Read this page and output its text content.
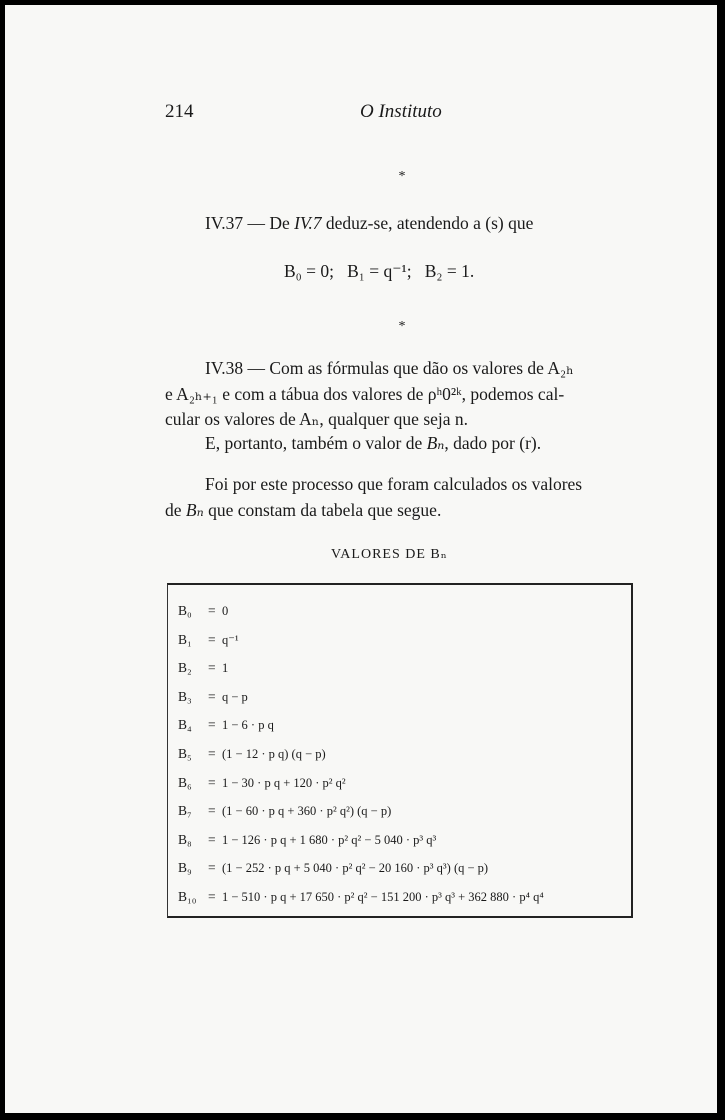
214	O Instituto
*
IV.37 — De IV.7 deduz-se, atendendo a (s) que
B₀ = 0;   B₁ = q⁻¹;   B₂ = 1.
*
IV.38 — Com as fórmulas que dão os valores de A₂ₕ
e A₂ₕ₊₁ e com a tábua dos valores de ρʰ0²ᵏ, podemos cal-
cular os valores de Aₙ, qualquer que seja n.
E, portanto, também o valor de Bₙ, dado por (r).
Foi por este processo que foram calculados os valores
de Bₙ que constam da tabela que segue.
VALORES DE Bₙ
B₀	= 0
B₁	= q⁻¹
B₂	= 1
B₃	= q − p
B₄	= 1 − 6 · p q
B₅	= (1 − 12 · p q) (q − p)
B₆	= 1 − 30 · p q + 120 · p² q²
B₇	= (1 − 60 · p q + 360 · p² q²) (q − p)
B₈	= 1 − 126 · p q + 1 680 · p² q² − 5 040 · p³ q³
B₉	= (1 − 252 · p q + 5 040 · p² q² − 20 160 · p³ q³) (q − p)
B₁₀ = 1 − 510 · p q + 17 650 · p² q² − 151 200 · p³ q³ + 362 880 · p⁴ q⁴
